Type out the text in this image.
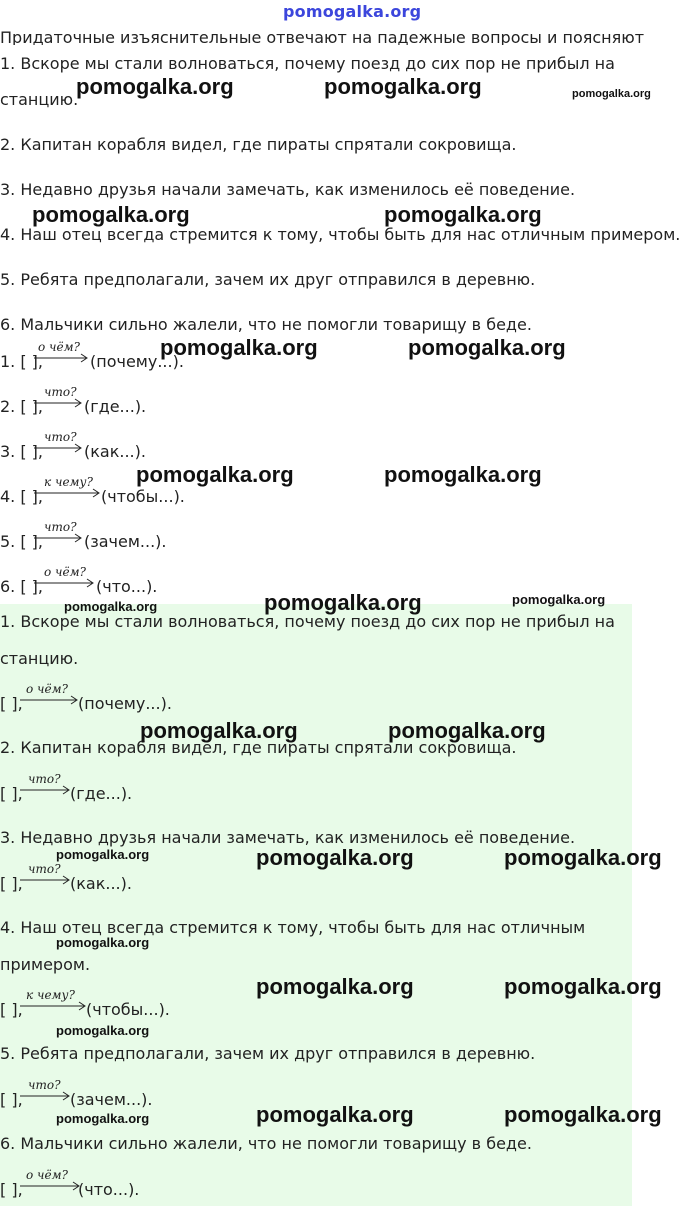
pomogalka.org
Придаточные изъяснительные отвечают на падежные вопросы и поясняют
1. Вскоре мы стали волноваться, почему поезд до сих пор не прибыл на
станцию.
2. Капитан корабля видел, где пираты спрятали сокровища.
3. Недавно друзья начали замечать, как изменилось её поведение.
4. Наш отец всегда стремится к тому, чтобы быть для нас отличным примером.
5. Ребята предполагали, зачем их друг отправился в деревню.
6. Мальчики сильно жалели, что не помогли товарищу в беде.
1. [ ],
о чём?
(почему...).
2. [ ],
что?
(где...).
3. [ ],
что?
(как...).
4. [ ],
к чему?
(чтобы...).
5. [ ],
что?
(зачем...).
6. [ ],
о чём?
(что...).
1. Вскоре мы стали волноваться, почему поезд до сих пор не прибыл на
станцию.
[ ],
о чём?
(почему...).
2. Капитан корабля видел, где пираты спрятали сокровища.
[ ],
что?
(где...).
3. Недавно друзья начали замечать, как изменилось её поведение.
[ ],
что?
(как...).
4. Наш отец всегда стремится к тому, чтобы быть для нас отличным
примером.
[ ],
к чему?
(чтобы...).
5. Ребята предполагали, зачем их друг отправился в деревню.
[ ],
что?
(зачем...).
6. Мальчики сильно жалели, что не помогли товарищу в беде.
[ ],
о чём?
(что...).
pomogalka.org	pomogalka.org	pomogalka.org
pomogalka.org	pomogalka.org
pomogalka.org	pomogalka.org
pomogalka.org	pomogalka.org
pomogalka.org	pomogalka.org	pomogalka.org
pomogalka.org	pomogalka.org
pomogalka.org	pomogalka.org	pomogalka.org
pomogalka.org
pomogalka.org	pomogalka.org
pomogalka.org
pomogalka.org	pomogalka.org	pomogalka.org
